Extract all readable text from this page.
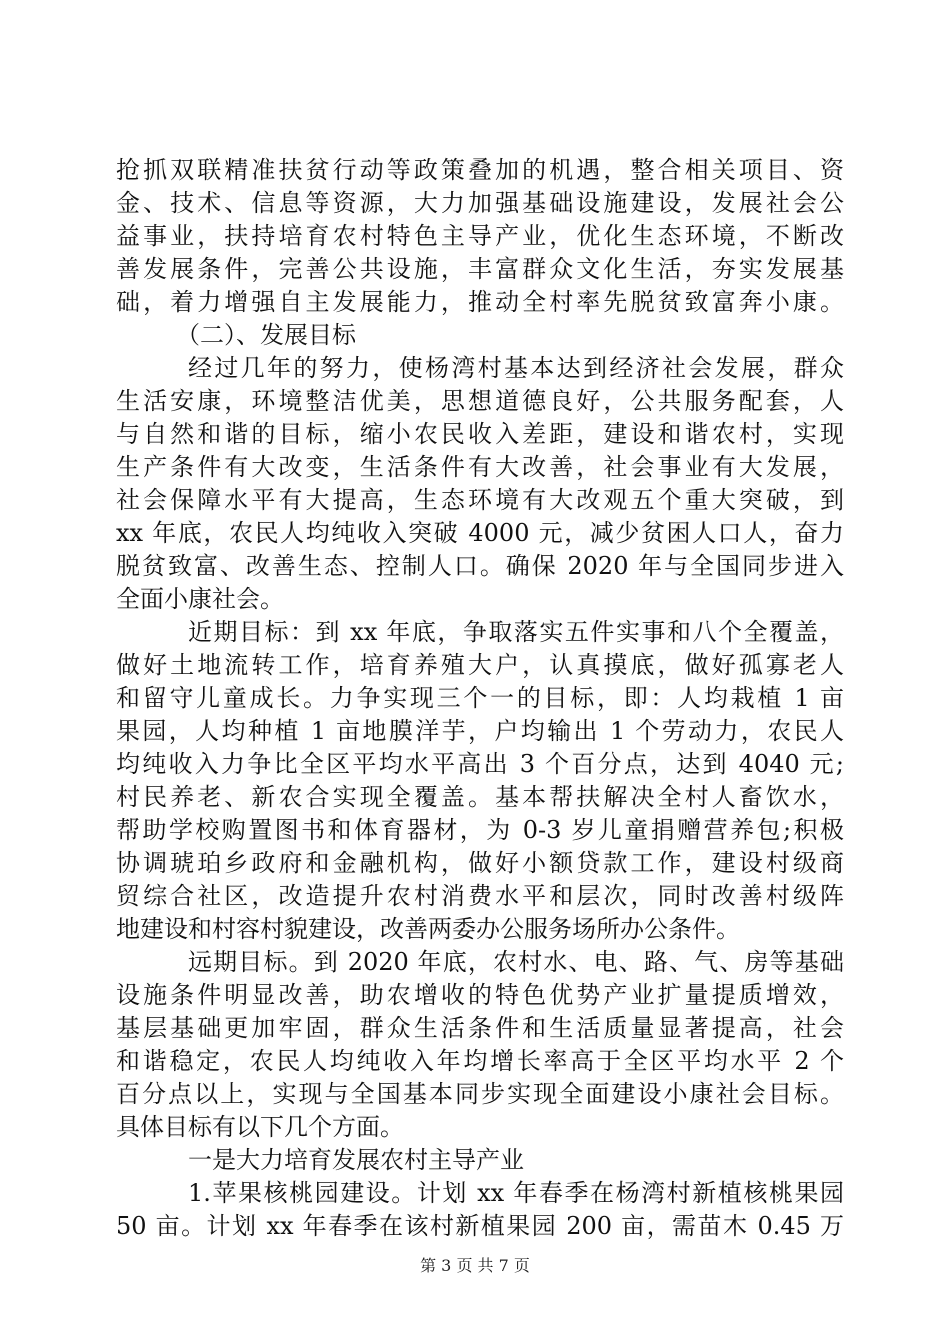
抢抓双联精准扶贫行动等政策叠加的机遇，整合相关项目、资
金、技术、信息等资源，大力加强基础设施建设，发展社会公
益事业，扶持培育农村特色主导产业，优化生态环境，不断改
善发展条件，完善公共设施，丰富群众文化生活，夯实发展基
础，着力增强自主发展能力，推动全村率先脱贫致富奔小康。
（二）、发展目标
经过几年的努力，使杨湾村基本达到经济社会发展，群众
生活安康，环境整洁优美，思想道德良好，公共服务配套，人
与自然和谐的目标，缩小农民收入差距，建设和谐农村，实现
生产条件有大改变，生活条件有大改善，社会事业有大发展，
社会保障水平有大提高，生态环境有大改观五个重大突破，到
xx 年底，农民人均纯收入突破 4000 元，减少贫困人口人，奋力
脱贫致富、改善生态、控制人口。确保 2020 年与全国同步进入
全面小康社会。
近期目标：到 xx 年底，争取落实五件实事和八个全覆盖，
做好土地流转工作，培育养殖大户，认真摸底，做好孤寡老人
和留守儿童成长。力争实现三个一的目标，即：人均栽植 1 亩
果园，人均种植 1 亩地膜洋芋，户均输出 1 个劳动力，农民人
均纯收入力争比全区平均水平高出 3 个百分点，达到 4040 元;
村民养老、新农合实现全覆盖。基本帮扶解决全村人畜饮水，
帮助学校购置图书和体育器材，为 0-3 岁儿童捐赠营养包;积极
协调琥珀乡政府和金融机构，做好小额贷款工作，建设村级商
贸综合社区，改造提升农村消费水平和层次，同时改善村级阵
地建设和村容村貌建设，改善两委办公服务场所办公条件。
远期目标。到 2020 年底，农村水、电、路、气、房等基础
设施条件明显改善，助农增收的特色优势产业扩量提质增效，
基层基础更加牢固，群众生活条件和生活质量显著提高，社会
和谐稳定，农民人均纯收入年均增长率高于全区平均水平 2 个
百分点以上，实现与全国基本同步实现全面建设小康社会目标。
具体目标有以下几个方面。
一是大力培育发展农村主导产业
1.苹果核桃园建设。计划 xx 年春季在杨湾村新植核桃果园
50 亩。计划 xx 年春季在该村新植果园 200 亩，需苗木 0.45 万
第 3 页 共 7 页
